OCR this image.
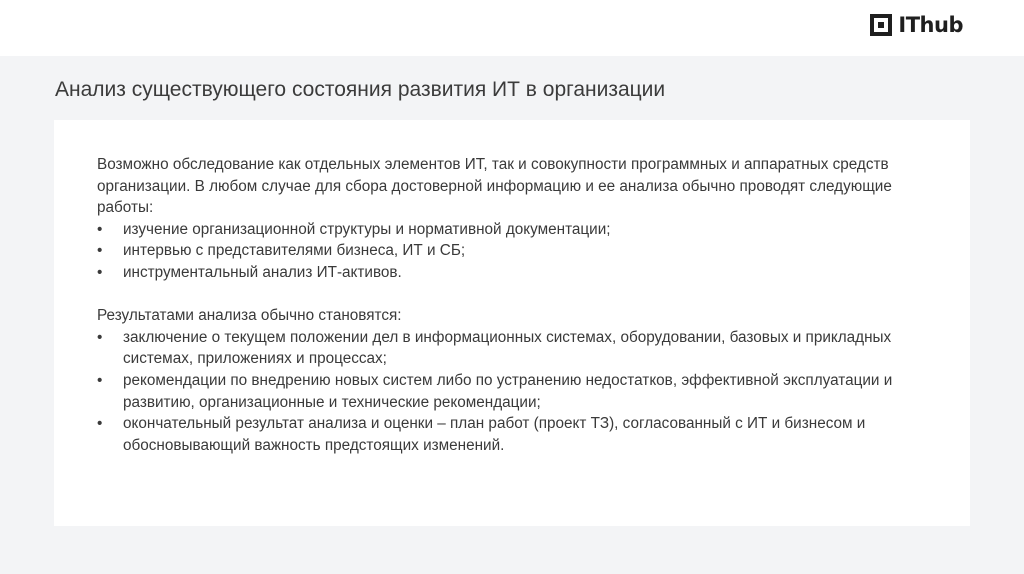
IThub
Анализ существующего состояния развития ИТ в организации

Возможно обследование как отдельных элементов ИТ, так и совокупности программных и аппаратных средств организации. В любом случае для сбора достоверной информацию и ее анализа обычно проводят следующие работы:

• изучение организационной структуры и нормативной документации;
• интервью с представителями бизнеса, ИТ и СБ;
• инструментальный анализ ИТ-активов.

Результатами анализа обычно становятся:

• заключение о текущем положении дел в информационных системах, оборудовании, базовых и прикладных системах, приложениях и процессах;
• рекомендации по внедрению новых систем либо по устранению недостатков, эффективной эксплуатации и развитию, организационные и технические рекомендации;
• окончательный результат анализа и оценки – план работ (проект ТЗ), согласованный с ИТ и бизнесом и обосновывающий важность предстоящих изменений.
